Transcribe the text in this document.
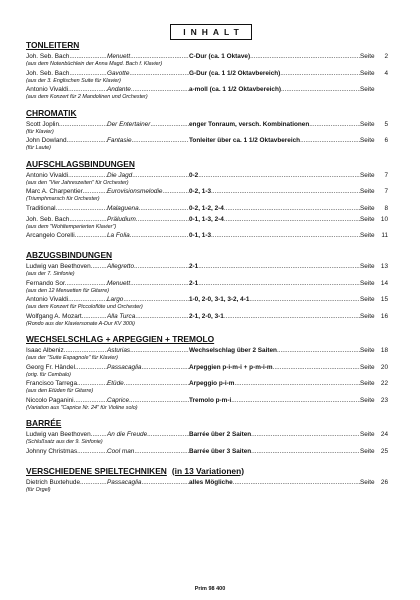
INHALT
TONLEITERN
Joh. Seb. Bach .....	Menuett .....	C-Dur (ca. 1 Oktave) .....	Seite	2
(aus dem Notenbüchlein der Anna Magd. Bach f. Klavier)
Joh. Seb. Bach .....	Gavotte .....	G-Dur (ca. 1 1/2 Oktavbereich) .....	Seite	4
(aus der 3. Englischen Suite für Klavier)
Antonio Vivaldi .....	Andante .....	a-moll (ca. 1 1/2 Oktavbereich) .....	Seite
(aus dem Konzert für 2 Mandolinen und Orchester)
CHROMATIK
Scott Joplin .....	Der Entertainer .....	enger Tonraum, versch. Kombinationen .....	Seite	5
(für Klavier)
John Dowland .....	Fantasie .....	Tonleiter über ca. 1 1/2 Oktavbereich .....	Seite	6
(für Laute)
AUFSCHLAGSBINDUNGEN
Antonio Vivaldi .....	Die Jagd .....	0-2 .....	Seite	7
(aus den "Vier Jahreszeiten" für Orchester)
Marc A. Charpentier .....	Eurovisionsmelodie .....	0-2, 1-3 .....	Seite	7
(Triumphmarsch für Orchester)
Traditional .....	Malaguena .....	0-2, 1-2, 2-4 .....	Seite	8
Joh. Seb. Bach .....	Präludium .....	0-1, 1-3, 2-4 .....	Seite 10
(aus dem "Wohltemperierten Klavier")
Arcangelo Corelli .....	La Folia .....	0-1, 1-3 .....	Seite	11
ABZUGSBINDUNGEN
Ludwig van Beethoven .....	Allegretto .....	2-1 .....	Seite 13
(aus der 7. Sinfonie)
Fernando Sor .....	Menuett .....	2-1 .....	Seite 14
(aus den 12 Menuetten für Gitarre)
Antonio Vivaldi .....	Largo .....	1-0, 2-0, 3-1, 3-2, 4-1 .....	Seite 15
(aus dem Konzert für Piccoloflöte und Orchester)
Wolfgang A. Mozart .....	Alla Turca .....	2-1, 2-0, 3-1 .....	Seite 16
(Rondo aus der Klaviersonate A-Dur KV 300i)
WECHSELSCHLAG + ARPEGGIEN + TREMOLO
Isaac Albeniz .....	Asturias .....	Wechselschlag über 2 Saiten .....	Seite 18
(aus der "Suite Espagnole" für Klavier)
Georg Fr. Händel .....	Passacaglia .....	Arpeggien p-i-m-i + p-m-i-m .....	Seite 20
(orig. für Cembalo)
Francisco Tarrega .....	Etüde .....	Arpeggio p-i-m .....	Seite 22
(aus den Etüden für Gitarre)
Niccolo Paganini .....	Caprice .....	Tremolo p-m-i .....	Seite 23
(Variation aus "Caprice Nr. 24" für Violine solo)
BARRÉE
Ludwig van Beethoven .....	An die Freude .....	Barrée über 2 Saiten .....	Seite 24
(Schlußsatz aus der 9. Sinfonie)
Johnny Christmas .....	Cool man .....	Barrée über 3 Saiten .....	Seite 25
VERSCHIEDENE SPIELTECHNIKEN (in 13 Variationen)
Dietrich Buxtehude .....	Passacaglia .....	alles Mögliche .....	Seite 26
(für Orgel)
Prim 98 400
